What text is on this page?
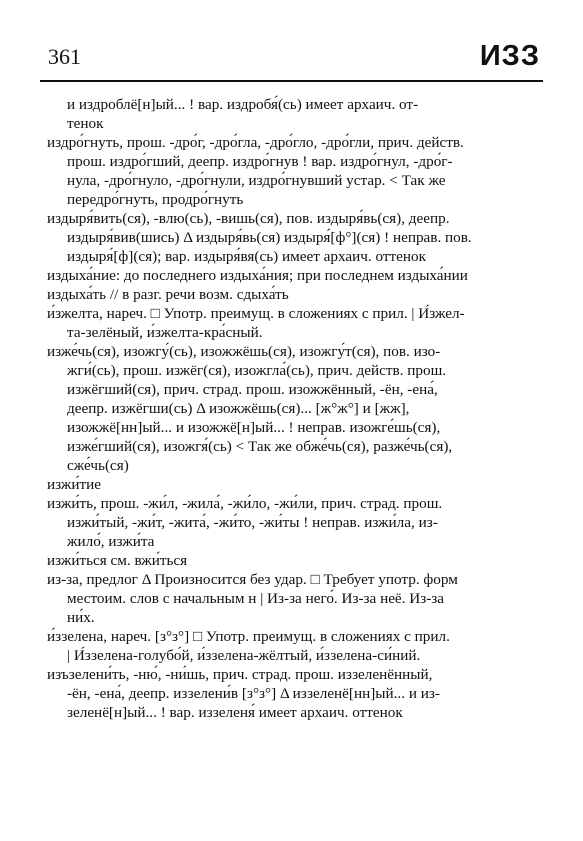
361	ИЗЗ
и издроблё[н]ый... ! вар. издробя́(сь) имеет архаич. от-
тенок
издро́гнуть, прош. -дро́г, -дро́гла, -дро́гло, -дро́гли, прич. действ.
прош. издро́гший, деепр. издро́гнув ! вар. издро́гнул, -дро́г-
нула, -дро́гнуло, -дро́гнули, издро́гнувший устар. < Так же
передро́гнуть, продро́гнуть
издыря́вить(ся), -влю(сь), -вишь(ся), пов. издыря́вь(ся), деепр.
издыря́вив(шись) Δ издыря́вь(ся) издыря́[ф°](ся) ! неправ. пов.
издыря́[ф](ся); вар. издыря́вя(сь) имеет архаич. оттенок
издыха́ние: до последнего издыха́ния; при последнем издыха́нии
издыха́ть // в разг. речи возм. сдыха́ть
и́зжелта, нареч. □ Употр. преимущ. в сложениях с прил. | И́зжел-
та-зелёный, и́зжелта-кра́сный.
изже́чь(ся), изожгу́(сь), изожжёшь(ся), изожгу́т(ся), пов. изо-
жги́(сь), прош. изжёг(ся), изожгла́(сь), прич. действ. прош.
изжёгший(ся), прич. страд. прош. изожжённый, -ён, -ена́,
деепр. изжёгши(сь) Δ изожжёшь(ся)... [ж°ж°] и [жж],
изожжё[нн]ый... и изожжё[н]ый... ! неправ. изожге́шь(ся),
изже́гший(ся), изожгя́(сь) < Так же обже́чь(ся), разже́чь(ся),
сже́чь(ся)
изжи́тие
изжи́ть, прош. -жи́л, -жила́, -жи́ло, -жи́ли, прич. страд. прош.
изжи́тый, -жи́т, -жита́, -жи́то, -жи́ты ! неправ. изжи́ла, из-
жило́, изжи́та
изжи́ться см. вжи́ться
из-за, предлог Δ Произносится без удар. □ Требует употр. форм
местоим. слов с начальным н | Из-за него́. Из-за неё. Из-за
ни́х.
и́ззелена, нареч. [з°з°] □ Употр. преимущ. в сложениях с прил.
| И́ззелена-голубо́й, и́ззелена-жёлтый, и́ззелена-си́ний.
изъзелени́ть, -ню́, -ни́шь, прич. страд. прош. иззеленённый,
-ён, -ена́, деепр. иззелени́в [з°з°] Δ иззеленё[нн]ый... и из-
зеленё[н]ый... ! вар. иззеленя́ имеет архаич. оттенок
